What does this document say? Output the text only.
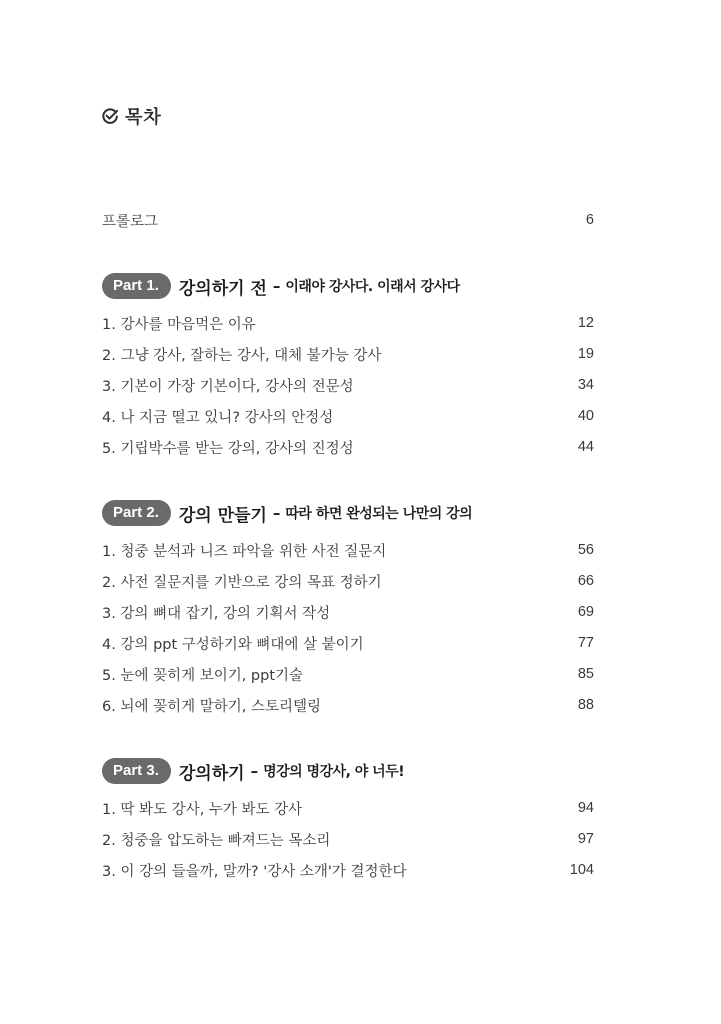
목차
프롤로그	6
Part 1.	강의하기 전 – 이래야 강사다. 이래서 강사다
1. 강사를 마음먹은 이유	12
2. 그냥 강사, 잘하는 강사, 대체 불가능 강사	19
3. 기본이 가장 기본이다, 강사의 전문성	34
4. 나 지금 떨고 있니? 강사의 안정성	40
5. 기립박수를 받는 강의, 강사의 진정성	44
Part 2.	강의 만들기 – 따라 하면 완성되는 나만의 강의
1. 청중 분석과 니즈 파악을 위한 사전 질문지	56
2. 사전 질문지를 기반으로 강의 목표 정하기	66
3. 강의 뼈대 잡기, 강의 기획서 작성	69
4. 강의 ppt 구성하기와 뼈대에 살 붙이기	77
5. 눈에 꽂히게 보이기, ppt기술	85
6. 뇌에 꽂히게 말하기, 스토리텔링	88
Part 3.	강의하기 – 명강의 명강사, 야 너두!
1. 딱 봐도 강사, 누가 봐도 강사	94
2. 청중을 압도하는 빠져드는 목소리	97
3. 이 강의 들을까, 말까? '강사 소개'가 결정한다	104
